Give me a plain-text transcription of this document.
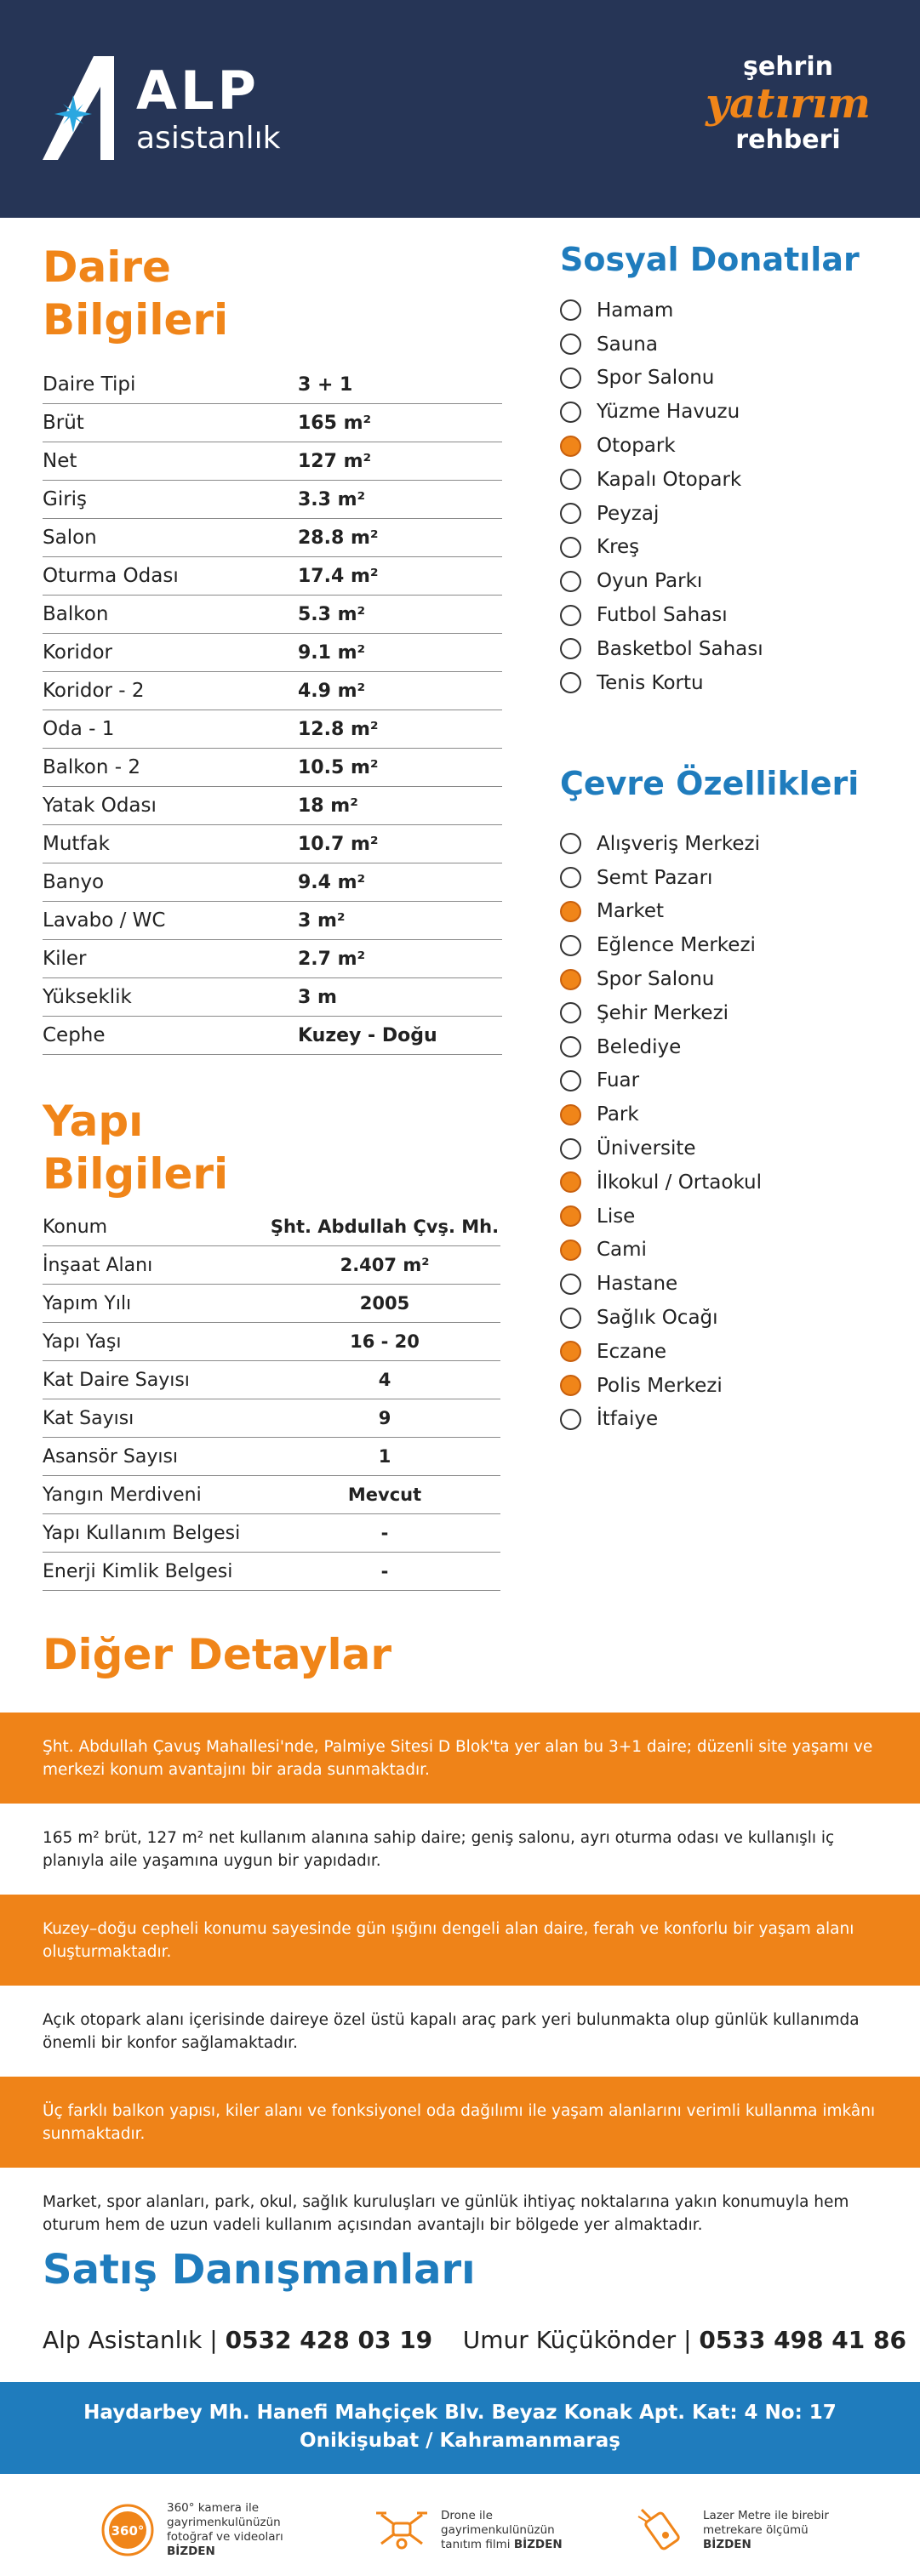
ALP
asistanlık
şehrin
yatırım
rehberi
Daire
Bilgileri
Daire Tipi	3 + 1
Brüt	165 m²
Net	127 m²
Giriş	3.3 m²
Salon	28.8 m²
Oturma Odası	17.4 m²
Balkon	5.3 m²
Koridor	9.1 m²
Koridor - 2	4.9 m²
Oda - 1	12.8 m²
Balkon - 2	10.5 m²
Yatak Odası	18 m²
Mutfak	10.7 m²
Banyo	9.4 m²
Lavabo / WC	3 m²
Kiler	2.7 m²
Yükseklik	3 m
Cephe	Kuzey - Doğu
Yapı
Bilgileri
Konum	Şht. Abdullah Çvş. Mh.
İnşaat Alanı	2.407 m²
Yapım Yılı	2005
Yapı Yaşı	16 - 20
Kat Daire Sayısı	4
Kat Sayısı	9
Asansör Sayısı	1
Yangın Merdiveni	Mevcut
Yapı Kullanım Belgesi	-
Enerji Kimlik Belgesi	-
Sosyal Donatılar
Hamam
Sauna
Spor Salonu
Yüzme Havuzu
Otopark
Kapalı Otopark
Peyzaj
Kreş
Oyun Parkı
Futbol Sahası
Basketbol Sahası
Tenis Kortu
Çevre Özellikleri
Alışveriş Merkezi
Semt Pazarı
Market
Eğlence Merkezi
Spor Salonu
Şehir Merkezi
Belediye
Fuar
Park
Üniversite
İlkokul / Ortaokul
Lise
Cami
Hastane
Sağlık Ocağı
Eczane
Polis Merkezi
İtfaiye
Diğer Detaylar

Şht. Abdullah Çavuş Mahallesi'nde, Palmiye Sitesi D Blok'ta yer alan bu 3+1 daire; düzenli site yaşamı ve merkezi konum avantajını bir arada sunmaktadır.

165 m² brüt, 127 m² net kullanım alanına sahip daire; geniş salonu, ayrı oturma odası ve kullanışlı iç planıyla aile yaşamına uygun bir yapıdadır.

Kuzey–doğu cepheli konumu sayesinde gün ışığını dengeli alan daire, ferah ve konforlu bir yaşam alanı oluşturmaktadır.

Açık otopark alanı içerisinde daireye özel üstü kapalı araç park yeri bulunmakta olup günlük kullanımda önemli bir konfor sağlamaktadır.

Üç farklı balkon yapısı, kiler alanı ve fonksiyonel oda dağılımı ile yaşam alanlarını verimli kullanma imkânı sunmaktadır.

Market, spor alanları, park, okul, sağlık kuruluşları ve günlük ihtiyaç noktalarına yakın konumuyla hem oturum hem de uzun vadeli kullanım açısından avantajlı bir bölgede yer almaktadır.

Satış Danışmanları
Alp Asistanlık | 0532 428 03 19 Umur Küçükönder | 0533 498 41 86
Haydarbey Mh. Hanefi Mahçiçek Blv. Beyaz Konak Apt. Kat: 4 No: 17
Onikişubat / Kahramanmaraş
360°
360° kamera ile gayrimenkulünüzün fotoğraf ve videoları BİZDEN
Drone ile gayrimenkulünüzün tanıtım filmi BİZDEN
Lazer Metre ile birebir metrekare ölçümü BİZDEN
